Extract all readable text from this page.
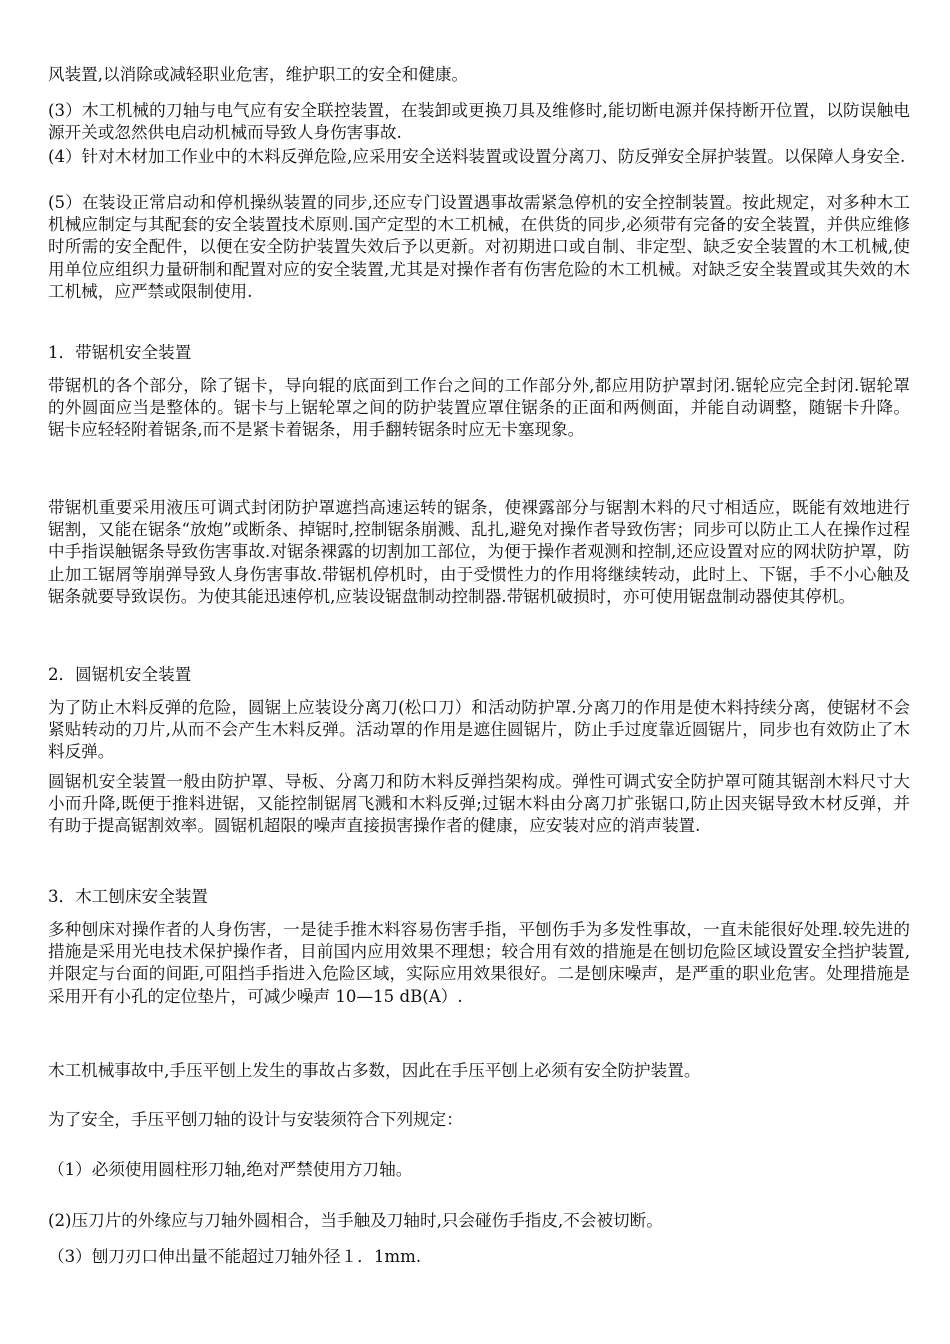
风装置,以消除或减轻职业危害，维护职工的安全和健康。

(3）木工机械的刀轴与电气应有安全联控装置，在装卸或更换刀具及维修时,能切断电源并保持断开位置，以防误触电源开关或忽然供电启动机械而导致人身伤害事故.

(4）针对木材加工作业中的木料反弹危险,应采用安全送料装置或设置分离刀、防反弹安全屏护装置。以保障人身安全.

(5）在装设正常启动和停机操纵装置的同步,还应专门设置遇事故需紧急停机的安全控制装置。按此规定，对多种木工机械应制定与其配套的安全装置技术原则.国产定型的木工机械，在供货的同步,必须带有完备的安全装置，并供应维修时所需的安全配件，以便在安全防护装置失效后予以更新。对初期进口或自制、非定型、缺乏安全装置的木工机械,使用单位应组织力量研制和配置对应的安全装置,尤其是对操作者有伤害危险的木工机械。对缺乏安全装置或其失效的木工机械，应严禁或限制使用.

1．带锯机安全装置

带锯机的各个部分，除了锯卡，导向辊的底面到工作台之间的工作部分外,都应用防护罩封闭.锯轮应完全封闭.锯轮罩的外圆面应当是整体的。锯卡与上锯轮罩之间的防护装置应罩住锯条的正面和两侧面，并能自动调整，随锯卡升降。锯卡应轻轻附着锯条,而不是紧卡着锯条，用手翻转锯条时应无卡塞现象。

带锯机重要采用液压可调式封闭防护罩遮挡高速运转的锯条，使裸露部分与锯割木料的尺寸相适应，既能有效地进行锯割，又能在锯条“放炮”或断条、掉锯时,控制锯条崩溅、乱扎,避免对操作者导致伤害；同步可以防止工人在操作过程中手指误触锯条导致伤害事故.对锯条裸露的切割加工部位，为便于操作者观测和控制,还应设置对应的网状防护罩，防止加工锯屑等崩弹导致人身伤害事故.带锯机停机时，由于受惯性力的作用将继续转动，此时上、下锯，手不小心触及锯条就要导致误伤。为使其能迅速停机,应装设锯盘制动控制器.带锯机破损时，亦可使用锯盘制动器使其停机。

2．圆锯机安全装置

为了防止木料反弹的危险，圆锯上应装设分离刀(松口刀）和活动防护罩.分离刀的作用是使木料持续分离，使锯材不会紧贴转动的刀片,从而不会产生木料反弹。活动罩的作用是遮住圆锯片，防止手过度靠近圆锯片，同步也有效防止了木料反弹。

圆锯机安全装置一般由防护罩、导板、分离刀和防木料反弹挡架构成。弹性可调式安全防护罩可随其锯剖木料尺寸大小而升降,既便于推料进锯，又能控制锯屑飞溅和木料反弹;过锯木料由分离刀扩张锯口,防止因夹锯导致木材反弹，并有助于提高锯割效率。圆锯机超限的噪声直接损害操作者的健康，应安装对应的消声装置.

3．木工刨床安全装置

多种刨床对操作者的人身伤害，一是徒手推木料容易伤害手指，平刨伤手为多发性事故，一直未能很好处理.较先进的措施是采用光电技术保护操作者，目前国内应用效果不理想；较合用有效的措施是在刨切危险区域设置安全挡护装置,并限定与台面的间距,可阻挡手指进入危险区域，实际应用效果很好。二是刨床噪声，是严重的职业危害。处理措施是采用开有小孔的定位垫片，可减少噪声 10—15 dB(A）.

木工机械事故中,手压平刨上发生的事故占多数，因此在手压平刨上必须有安全防护装置。

为了安全，手压平刨刀轴的设计与安装须符合下列规定：

（1）必须使用圆柱形刀轴,绝对严禁使用方刀轴。

(2)压刀片的外缘应与刀轴外圆相合，当手触及刀轴时,只会碰伤手指皮,不会被切断。

（3）刨刀刃口伸出量不能超过刀轴外径１．1mm.
